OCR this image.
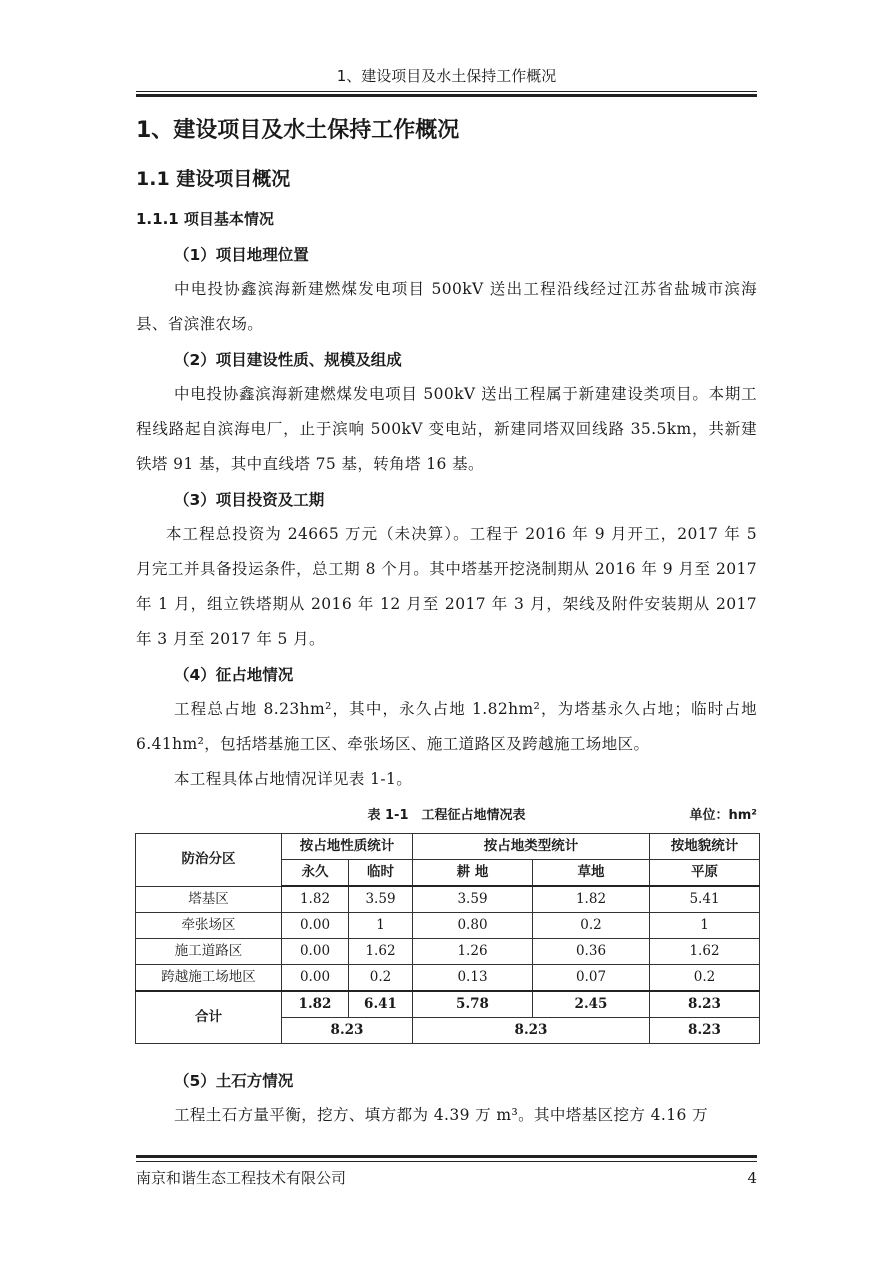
1、建设项目及水土保持工作概况
1、建设项目及水土保持工作概况
1.1 建设项目概况
1.1.1 项目基本情况
（1）项目地理位置

中电投协鑫滨海新建燃煤发电项目 500kV 送出工程沿线经过江苏省盐城市滨海县、省滨淮农场。

（2）项目建设性质、规模及组成

中电投协鑫滨海新建燃煤发电项目 500kV 送出工程属于新建建设类项目。本期工程线路起自滨海电厂，止于滨响 500kV 变电站，新建同塔双回线路 35.5km，共新建铁塔 91 基，其中直线塔 75 基，转角塔 16 基。

（3）项目投资及工期

本工程总投资为 24665 万元（未决算）。工程于 2016 年 9 月开工，2017 年 5 月完工并具备投运条件，总工期 8 个月。其中塔基开挖浇制期从 2016 年 9 月至 2017 年 1 月，组立铁塔期从 2016 年 12 月至 2017 年 3 月，架线及附件安装期从 2017 年 3 月至 2017 年 5 月。

（4）征占地情况

工程总占地 8.23hm²，其中，永久占地 1.82hm²，为塔基永久占地；临时占地 6.41hm²，包括塔基施工区、牵张场区、施工道路区及跨越施工场地区。

本工程具体占地情况详见表 1-1。

表 1-1　工程征占地情况表	单位：hm²
防治分区	按占地性质统计		按占地类型统计		按地貌统计
	永久	临时	耕 地	草地	平原
塔基区	1.82	3.59	3.59	1.82	5.41
牵张场区	0.00	1	0.80	0.2	1
施工道路区	0.00	1.62	1.26	0.36	1.62
跨越施工场地区	0.00	0.2	0.13	0.07	0.2
合计	1.82	6.41	5.78	2.45	8.23
	8.23		8.23		8.23
（5）土石方情况

工程土石方量平衡，挖方、填方都为 4.39 万 m³。其中塔基区挖方 4.16 万

南京和谐生态工程技术有限公司	4
